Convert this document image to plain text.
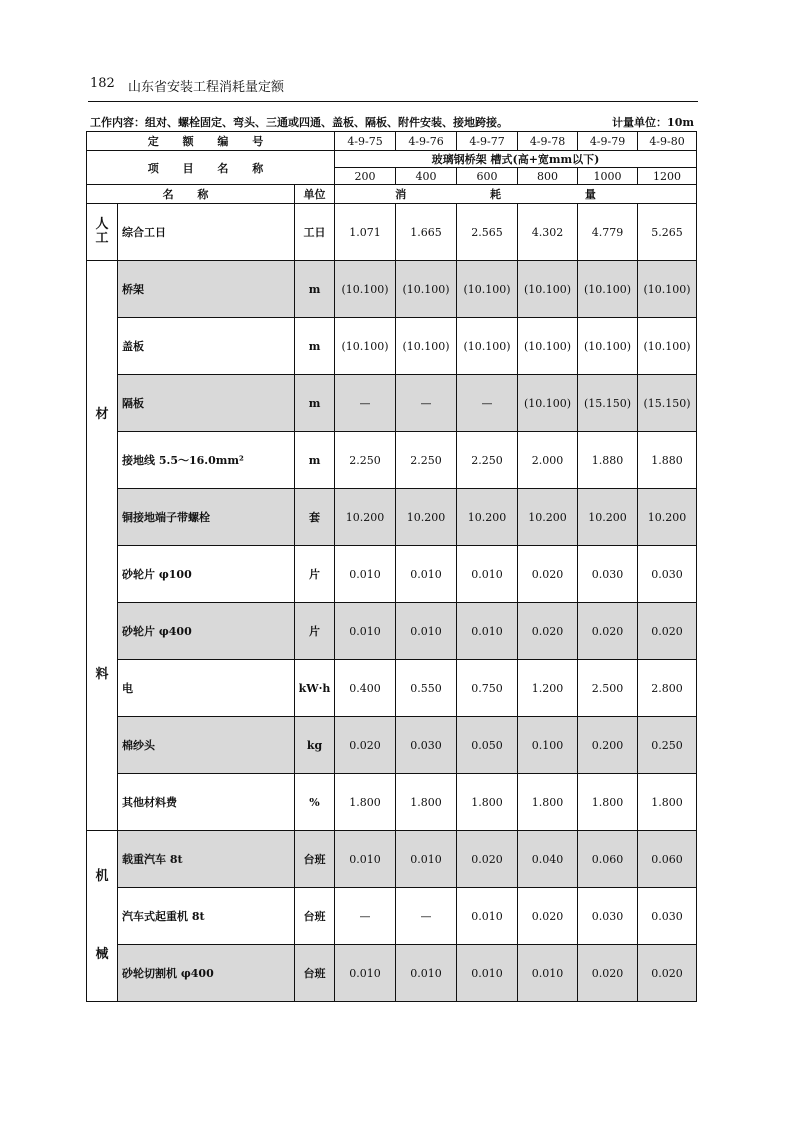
182 山东省安装工程消耗量定额
工作内容：组对、螺栓固定、弯头、三通或四通、盖板、隔板、附件安装、接地跨接。	计量单位：10m
定 额 编 号			4-9-75	4-9-76	4-9-77	4-9-78	4-9-79	4-9-80
项 目 名 称			玻璃钢桥架 槽式(高+宽mm以下)					
			200	400	600	800	1000	1200
名 称		单位	消 耗 量					

人
工	综合工日	工日	1.071	1.665	2.565	4.302	4.779	5.265

材
料	桥架	m	(10.100)	(10.100)	(10.100)	(10.100)	(10.100)	(10.100)
	盖板	m	(10.100)	(10.100)	(10.100)	(10.100)	(10.100)	(10.100)
	隔板	m	—	—	—	(10.100)	(15.150)	(15.150)
	接地线 5.5～16.0mm²	m	2.250	2.250	2.250	2.000	1.880	1.880
	铜接地端子带螺栓	套	10.200	10.200	10.200	10.200	10.200	10.200
	砂轮片 φ100	片	0.010	0.010	0.010	0.020	0.030	0.030
	砂轮片 φ400	片	0.010	0.010	0.010	0.020	0.020	0.020
	电	kW·h	0.400	0.550	0.750	1.200	2.500	2.800
	棉纱头	kg	0.020	0.030	0.050	0.100	0.200	0.250
	其他材料费	%	1.800	1.800	1.800	1.800	1.800	1.800

机
械	载重汽车 8t	台班	0.010	0.010	0.020	0.040	0.060	0.060
	汽车式起重机 8t	台班	—	—	0.010	0.020	0.030	0.030
	砂轮切割机 φ400	台班	0.010	0.010	0.010	0.010	0.020	0.020
